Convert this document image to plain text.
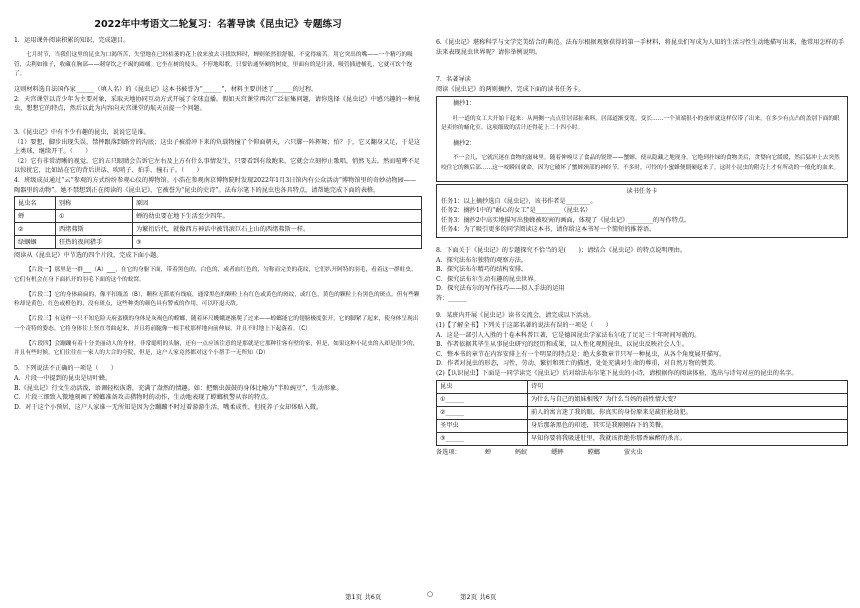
2022年中考语文二轮复习：名著导读《昆虫记》专题练习

1．运用课外阅读积累的知识，完成题目。

七月时节，当我们这里的昆虫为口渴所苦，失望地在已经枯萎的花上放来放去寻找饮料时，蝉则依然很舒服，不觉得痛苦。用它突出的嘴——一个精巧的吸管，尖利如锥子，收藏在胸部——刺穿饮之不竭的圆桶。它坐在树的枝头，不停地唱歌，只要钻通坚硬的树皮，里面有的是汁液，吸管插进桶孔，它就可饮个饱了。

这则材料选自法国作家______（填人名）的《昆虫记》这本书被誉为“______”，材料主要讲述了______的过程。

2．天宫课堂以青少年为主要对象，采取天地协同互动方式开展了全球直播。假如天宫课堂再次广泛征集问题，请你选择《昆虫记》中感兴趣的一种昆虫，想想它的特点，然后以此为内容向天宫课堂的航天员提一个问题。

3.《昆虫记》中有不少有趣的昆虫，说说它是谁。

（1）要想，脚步出现失误，禁摔跟落到路旁的沟底；这虫子被滑冲下来的负载物撞了个仰面朝天，六只脚一阵挥舞；怕？于，它又翻身又足，于是这上类球，继续开干。（　　）

（2）它有非常清晰的视觉，它的五只眼睛会告诉它左右及上方有什么事情发生，只要看到有敌跑来，它就会立刻停止歌唱，悄然飞去。然而喧哗不足以惊扰它，比如站在它的背后讲话、吹哨子、拍手、撞石子。（　　）

4．班级成员通过“云”参观的方式纷纷参观心仪的博物馆。小浩在参观南京博物院时发现2022年1月3日馆内有公众活动“博物馆里的奇妙动物园——陶器里的动物”。她不禁想到正在阅读的《昆虫记》，它被誉为“昆虫的史诗”。法布尔笔下的昆虫也各具特点，请帮她完成下面的表格。

昆虫名	别称	原因
蝉	①	蝉的幼虫要在地下生活至少四年。
②	西绪弗斯	为繁衍后代，就像西方神话中被罚滚巨石上山的西绪弗斯一样。
绿蝈蝈	狂热的夜间猎手	③

阅读从《昆虫记》中节选的四个片段，完成下面小题。

【片段一】那里是一群___（A）___，在它的身躯下面，带着黑色的，白色的，或者血红色的，匀称而完美的花纹，它们扒开阿特的羽毛，看着这一群蛀虫。它们有机会在身下面扒开的羽毛下面的这个的蚁窝。

【片段二】它的身体扁扁的，像平扣瓶盖（B），颗粒无滞底有线痕，通常黑色的颗粒上有红色或黄色的斑纹，或红色，黄色的颗粒上有黑色的斑点。但有些颗粒却是黄色，红色或橙色的，没有斑点，这些种类的颜色具有警戒的作用，可以吓退天敌。

【片段三】有这样一只不知危险天府蛮横的身体是灰褐色的螳螂，随着环尺蠖蛾逐渐爬了过来——蝗螂能它的翅膀极度张开，它的脚紧了起来，使身体呈现出一个奇特的姿态。它将身体往上竖直弯曲起来，并且将前腿像一根手杖那样地向前伸展，并且不时地上下起落着。（C）

【片段四】会蹦蹦有着十分美丽动人的身材，非常聪明的头脑，还有一点应该注意的是那就是它那种往客有壁的家，但是，如果这种小昆虫的入却是很少的，并且有些时候，它们往往在一家人的大合的夸院，但是，这户人家竟然都对这个小帮手一无所知（D）

5．下列说法不正确的一项是（　　）

A．片段一中提到的昆虫是切叶蜂。

B.《昆虫记》行文生动活泼，语调轻松诙谐，充满了盎然的情趣。如：把甄虫鼓鼓的身体比喻为“半粒豌豆”，生动形象。

C．片段三细致入微地刻画了螳螂准备攻击猎物时的动作，生动地表现了螳螂机警从容的特点。

D．对于这个小预居，这户人家谁一无所知是因为会蹦蹦不时过着游游生活，嘴柔成性，但抚养子女却体贴入微。

6.《昆虫记》堪称科学与文学完美结合的典范。法布尔根据观察获得的第一手材料，将昆虫们写成为人知的生活习性生动地描写出来，他常用怎样的手法来表现昆虫世界呢？请你举例说明。

7．名著导读

阅读《昆虫记》的两则摘抄，完成下面的读书任务卡。

摘抄1：

吐一道的女工大开始干起来：从两侧一点点往居部扯乘料，居部道渐变宽，变长……一个顶端很小的蚕形就这样仅带了出来，在多少有点凸的盖别下面的眼是卖你的蛹化室。这项细致的活计还得花上二十四小时。

摘抄2：

不一会儿，它就沉迷在食物的滋味里。随着伸嗅尽了食品的锐镫——蟹蟀，使从隐藏之地现身。它绝到扑绿的食物美后，贪婪向它缓缓，然后猛冲上去突然咬住它的额后部……这一咬瞬间就命，因为它破坏了蟹蟀颈部的神经节。不多时，可怜的小蜜蜂便僵硬起来了。这时小昆虫的附壳上才有所动的一般化的血来。

读书任务卡

任务1：以上摘抄选自《昆虫记》，该书作者是________。

任务2：摘抄1中的“耐心的女工”是________（昆虫名）

任务3：摘抄2中高实地描写出蛰蜂被咬害的画面，体现了《昆虫记》________的写作特点。

任务4：为了吸引更多的同学阅读这本书，请你给这本书写一个简短的推荐语。

8．下面关于《昆虫记》的专题探究不恰当的是(　　)；请结合《昆虫记》的特点说明理由。

A．探究法布尔独特的观察方法。

B．探究法布尔精巧的结构安排。

C．探究法布尔生动有趣的昆虫世界。

D．探究法布尔的写作技巧——拟人手法的运用

答：______

9．某班内开展《昆虫记》读书交流会，请完成以下活动。

(1)【了解全书】下列关于这部名著的说法有误的一项是（　　）

A．这是一部引人入胜的十卷本科普巨著，它是德国昆虫学家法布尔花了足足三十年时间写就的。

B．作者依据其毕生从事昆虫研究的经历和成果，以人性化观照昆虫，以昆虫反映社会人生。

C．整本书的章节在内容安排上有一个明显的特点是：绝大多数章节只写一种昆虫，从各个角度展开描写。

D．作者对昆虫的形态，习性、劳动、繁衍和死亡的描述，处处充满对生命的尊重，对自然万物的赞美。

(2)【认识昆虫】下面是一同学读完《昆虫记》后对给法布尔笔下昆虫的小诗，请根据你的阅读体验，选出与诗句对应的昆虫的名字。

昆虫	诗句
①______	为什么与自己的姐妹相残？为什么当妈的前性情大变？
②______	前人的寓言迷了我的眼，你真实的身份原来是疏狂抢劫犯。
圣甲虫	身后那条黑色的印迹，其实是我刚刚吞下的美餐。
③______	早知你要将我吸进肚里，我就该拒绝你那香麻醉的杀言。

备选项：	蝉	蚂蚁	蟋蟀	螳螂	萤火虫

第1页 共6页	○	第2页 共6页
